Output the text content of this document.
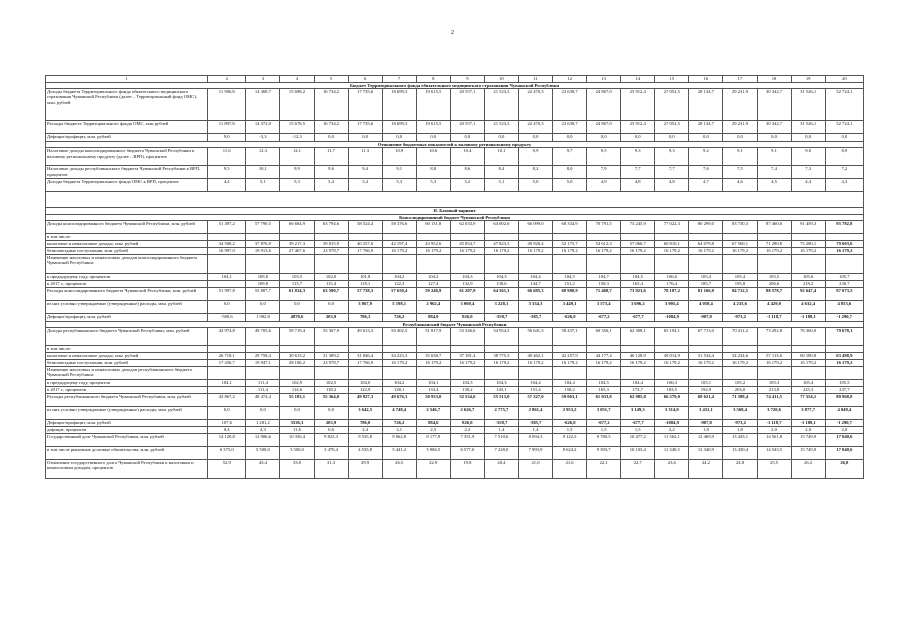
2
1	2	3	4	5	6	7	8	9	10	11	12	13	14	15	16	17	18	19	20
Бюджет Территориального фонда обязательного медицинского страхования Чувашской Республики																			
Доходы бюджета Территориального фонда обязательного медицинского страхования Чувашской Республики (далее – Территориальный фонд ОМС), млн. рублей	11 906,8	14 368,7	15 698,2	16 734,2	17 735,6	18 699,3	19 615,5	20 557,1	21 523,3	22 470,3	23 638,7	24 867,9	25 912,4	27 052,5	28 134,7	29 231,9	30 342,7	31 526,1	32 724,1
Расходы бюджета Территориального фонда ОМС, млн рублей	11 897,8	14 372,0	15 678,5	16 734,2	17 735,6	18 699,3	19 615,5	20 557,1	21 523,3	22 470,3	23 638,7	24 867,9	25 912,4	27 052,5	28 134,7	29 231,9	30 342,7	31 526,1	32 724,1
Дефицит/профицит, млн. рублей	9,0	-3,3	-12,3	0,0	0,0	0,0	0,0	0,0	0,0	0,0	0,0	0,0	0,0	0,0	0,0	0,0	0,0	0,0	0,0
Отношение бюджетных показателей к валовому региональному продукту																			
Налоговые доходы консолидированного бюджета Чувашской Республики к валовому региональному продукту (далее – ВРП), процентов	11,6	12,3	12,1	11,7	11,3	10,9	10,6	10,4	10,1	9,9	9,7	9,5	9,3	9,3	9,2	9,1	9,1	9,0	8,9
Налоговые доходы республиканского бюджета Чувашской Республики к ВРП, процентов	9,5	10,1	9,9	9,6	9,4	9,1	8,8	8,6	8,4	8,2	8,0	7,9	7,7	7,7	7,6	7,5	7,4	7,3	7,2
Доходы бюджета Территориального фонда ОМС к ВРП, процентов	4,4	5,1	5,3	5,4	5,4	5,3	5,3	5,2	5,1	5,0	5,0	4,9	4,8	4,8	4,7	4,6	4,5	4,4	4,3

II. Базовый вариант																			
Консолидированный бюджет Чувашской Республики																			
Доходы консолидированного бюджета Чувашской Республики, млн. рублей	51 497,2	57 790,5	66 684,9	63 794,6	58 524,4	58 376,6	60 131,8	62 033,9	64 002,6	66 099,0	68 334,9	70 791,5	73 245,9	77 022,3	80 299,0	83 730,3	87 460,0	91 459,3	95 782,8
в том числе:																			
налоговые и неналоговые доходы, млн. рублей	34 500,2	37 876,9	39 217,3	39 815,9	40 257,6	42 197,4	43 952,6	45 854,7	47 823,3	49 920,4	52 175,7	54 612,3	57 066,7	60 810,1	64 079,8	67 560,1	71 280,8	75 280,1	79 603,6
безвозмездные поступления, млн. рублей	16 997,0	19 913,6	27 467,6	23 978,7	17 766,9	16 179,2	16 179,2	16 179,2	16 179,2	16 179,2	16 179,2	16 179,2	16 179,2	16 179,2	16 179,2	16 179,2	16 179,2	16 179,2	16 179,2
Изменение налоговых и неналоговых доходов консолидированного бюджета Чувашской Республики:																			
к предыдущему году, процентов	104,1	109,8	103,5	102,0	101,8	104,2	104,2	104,3	104,3	104,4	104,5	104,7	104,5	106,6	105,4	105,4	105,5	105,6	105,7
к 2017 г., процентов		109,8	113,7	115,4	118,1	122,3	127,4	132,9	138,6	144,7	151,2	158,3	165,4	176,4	185,7	195,8	206,6	218,2	230,7
Расходы консолидированного бюджета Чувашской Республики, млн. рублей	51 997,8	55 807,7	61 814,3	63 590,7	57 738,3	57 650,4	59 246,9	61 207,9	64 561,3	66 685,3	68 980,9	71 468,7	73 923,6	78 107,2	81 166,8	84 712,5	88 578,7	92 647,4	97 073,5
из них условно утверждаемые (утвержденные) расходы, млн. рублей	0,0	0,0	0,0	0,0	3 867,9	5 198,1	2 962,4	3 060,4	3 228,1	3 334,3	3 449,1	3 573,4	3 696,2	3 905,4	4 058,4	4 235,6	4 429,0	4 632,4	4 853,6
Дефицит/профицит, млн. рублей	-500,6	1 982,8	4870,6	203,9	786,1	726,2	884,9	826,0	-558,7	-585,7	-626,0	-677,2	-677,7	-1084,9	-907,8	-973,2	-1 118,7	-1 188,1	-1 290,7
Республиканский бюджет Чувашской Республики																			
Доходы республиканского бюджета Чувашской Республики, млн. рублей	43 974,8	49 705,6	58 719,4	55 367,9	49 613,3	50 402,5	51 817,9	53 346,6	54 954,5	56 641,3	58 437,1	60 356,1	62 308,1	65 194,1	67 713,0	70 411,2	73 292,8	76 360,0	79 678,1
в том числе:																			
налоговые и неналоговые доходы, млн. рублей	26 718,1	29 758,4	30 613,2	31 389,2	31 846,4	34 223,3	35 638,7	37 181,4	38 775,3	40 462,1	42 257,9	44 177,4	46 128,9	49 014,9	51 534,4	54 234,6	57 113,6	60 180,8	63 498,9
безвозмездные поступления, млн. рублей	17 256,7	19 947,1	28 106,2	23 978,7	17 766,9	16 179,2	16 179,2	16 179,2	16 179,2	16 179,2	16 179,2	16 179,2	16 179,2	16 179,2	16 179,2	16 179,2	16 179,2	16 179,2	16 179,2
Изменение налоговых и неналоговых доходов республиканского бюджета Чувашской Республики:																			
к предыдущему году, процентов	104,1	111,4	102,9	102,5	104,0	104,2	104,1	104,3	104,3	104,4	104,4	104,5	104,4	106,3	105,1	105,2	105,3	105,4	105,5
к 2017 г., процентов		111,4	114,6	118,2	122,9	128,1	133,4	139,2	145,1	151,4	158,2	165,3	172,7	183,5	192,9	203,0	213,8	225,3	237,7
Расходы республиканского бюджета Чувашской Республики, млн. рублей	43 867,2	48 474,4	55 183,1	55 364,0	49 827,3	49 676,3	50 933,0	52 534,6	55 513,0	57 227,0	59 063,1	61 033,8	62 985,8	66 279,0	68 621,4	71 388,4	74 411,5	77 554,1	80 968,8
из них условно утверждаемые (утвержденные) расходы, млн. рублей	0,0	0,0	0,0	0,0	3 642,5	4 748,4	2 546,7	2 626,7	2 775,7	2 861,4	2 953,2	3 051,7	3 149,3	3 314,0	3 431,1	3 569,4	3 720,6	3 877,7	4 048,4
Дефицит/профицит, млн. рублей	107,6	1 281,2	3536,3	203,9	786,0	726,2	884,6	826,0	-558,7	-585,7	-626,0	-677,2	-677,7	-1084,9	-907,8	-973,2	-1 118,7	-1 188,1	-1 290,7
дефицит, процентов	0,4	4,3	11,6	0,6	2,4	2,1	2,5	2,2	1,4	1,4	1,5	1,5	1,5	2,2	1,8	1,8	2,0	2,0	2,0
Государственный долг Чувашской Республики, млн. рублей	14 120,8	12 906,6	10 350,4	9 823,3	9 535,8	9 062,8	8 177,9	7 351,9	7 510,6	8 094,3	9 122,3	9 780,5	10 477,2	11 562,1	12 469,9	13 443,1	14 561,8	15 749,9	17 040,6
в том числе рыночные долговые обязательства, млн. рублей	6 375,0	5 500,0	3 500,0	3 470,4	4 535,8	5 441,2	5 984,5	6 577,0	7 228,0	7 993,9	8 624,2	9 393,7	10 103,4	11 340,5	12 340,9	13 430,4	14 543,5	15 749,9	17 040,6
Отношение государственного долга Чувашской Республики к налоговым и неналоговым доходам, процентов	52,9	43,4	33,8	31,3	29,9	26,5	22,9	19,8	20,4	21,0	21,6	22,1	22,7	23,6	24,2	24,8	25,5	26,2	26,8
